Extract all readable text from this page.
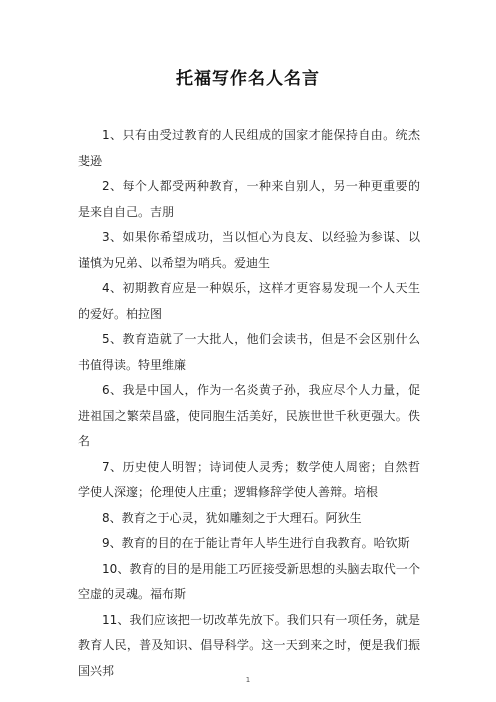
托福写作名人名言

1、只有由受过教育的人民组成的国家才能保持自由。统杰斐逊

2、每个人都受两种教育，一种来自别人，另一种更重要的是来自自己。吉朋

3、如果你希望成功，当以恒心为良友、以经验为参谋、以谨慎为兄弟、以希望为哨兵。爱迪生

4、初期教育应是一种娱乐，这样才更容易发现一个人天生的爱好。柏拉图

5、教育造就了一大批人，他们会读书，但是不会区别什么书值得读。特里维廉

6、我是中国人，作为一名炎黄子孙，我应尽个人力量，促进祖国之繁荣昌盛，使同胞生活美好，民族世世千秋更强大。佚名

7、历史使人明智；诗词使人灵秀；数学使人周密；自然哲学使人深邃；伦理使人庄重；逻辑修辞学使人善辩。培根

8、教育之于心灵，犹如雕刻之于大理石。阿狄生

9、教育的目的在于能让青年人毕生进行自我教育。哈钦斯

10、教育的目的是用能工巧匠接受新思想的头脑去取代一个空虚的灵魂。福布斯

11、我们应该把一切改革先放下。我们只有一项任务，就是教育人民，普及知识、倡导科学。这一天到来之时，便是我们振国兴邦

1
